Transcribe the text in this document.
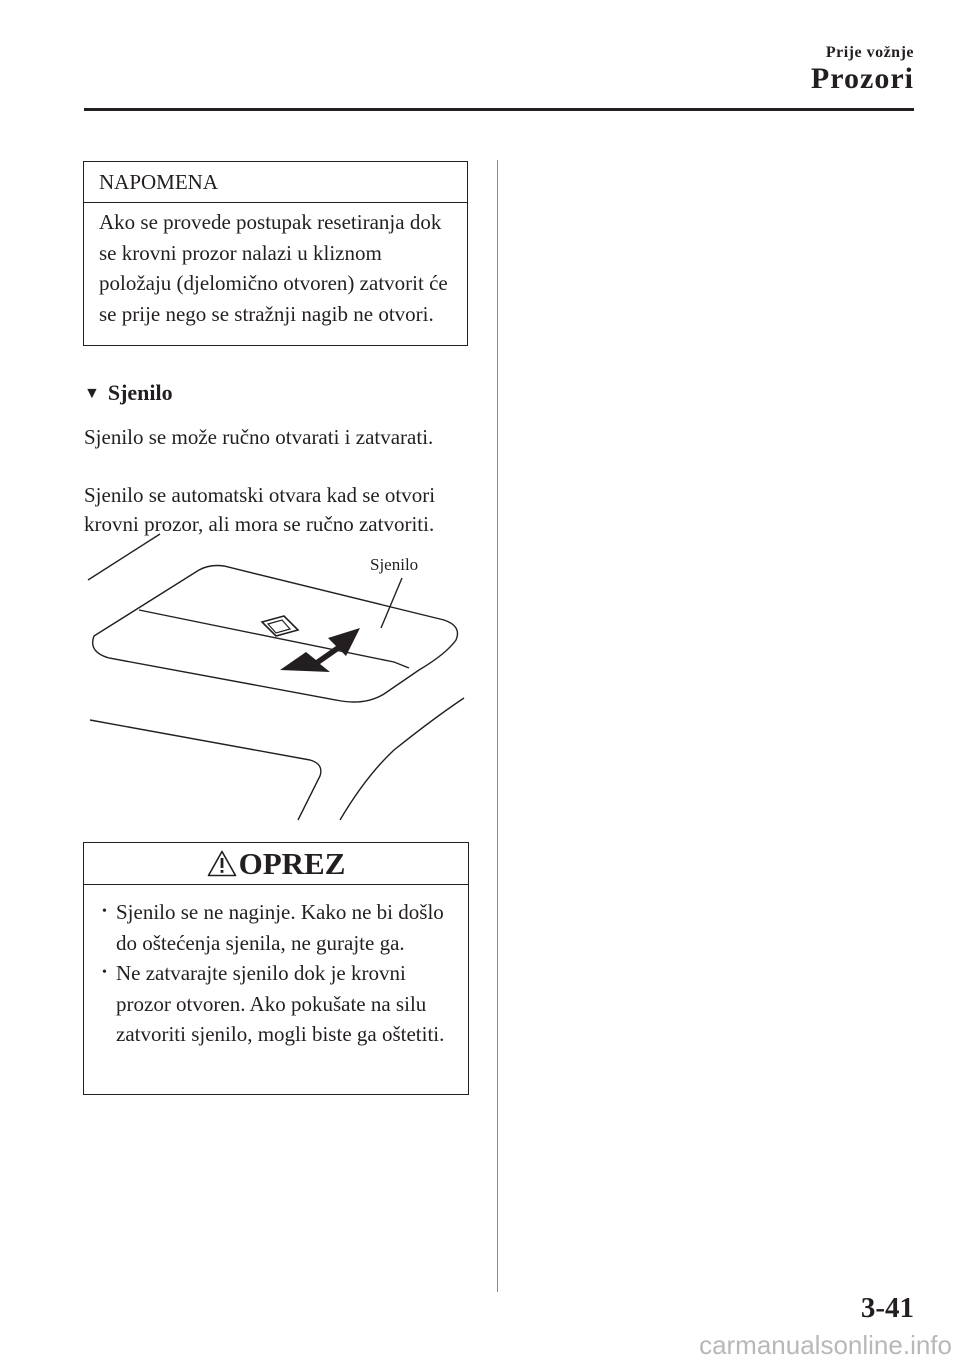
Prije vožnje
Prozori
NAPOMENA
Ako se provede postupak resetiranja dok se krovni prozor nalazi u kliznom položaju (djelomično otvoren) zatvorit će se prije nego se stražnji nagib ne otvori.
▼ Sjenilo
Sjenilo se može ručno otvarati i zatvarati.
Sjenilo se automatski otvara kad se otvori krovni prozor, ali mora se ručno zatvoriti.
Sjenilo
OPREZ
• Sjenilo se ne naginje. Kako ne bi došlo do oštećenja sjenila, ne gurajte ga.
• Ne zatvarajte sjenilo dok je krovni prozor otvoren. Ako pokušate na silu zatvoriti sjenilo, mogli biste ga oštetiti.
3-41
carmanualsonline.info
